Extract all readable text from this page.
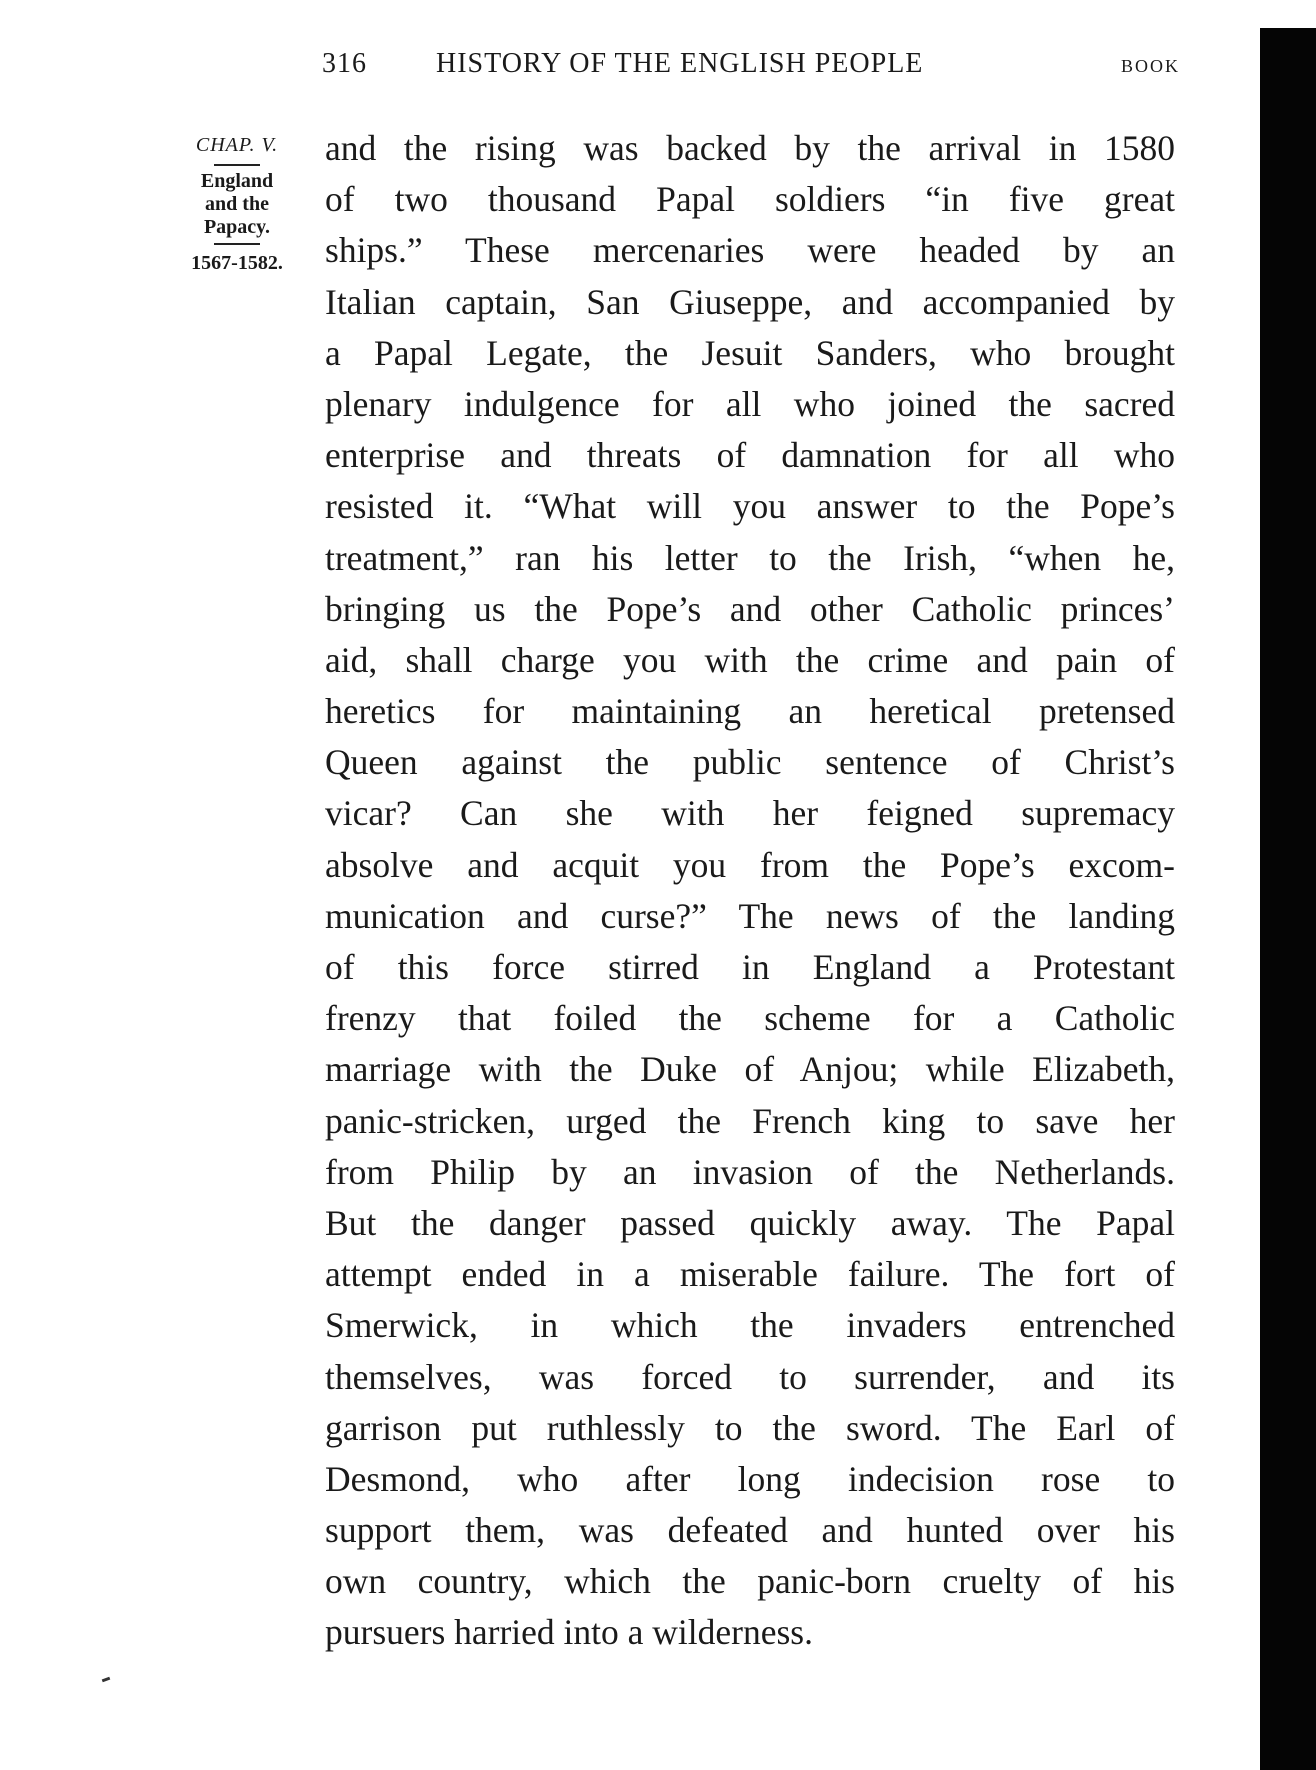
316 HISTORY OF THE ENGLISH PEOPLE	BOOK

CHAP. V.

England

and the

Papacy.

1567-1582.

and the rising was backed by the arrival in 1580
of two thousand Papal soldiers “in five great
ships.” These mercenaries were headed by an
Italian captain, San Giuseppe, and accompanied by
a Papal Legate, the Jesuit Sanders, who brought
plenary indulgence for all who joined the sacred
enterprise and threats of damnation for all who
resisted it. “What will you answer to the Pope’s
treatment,” ran his letter to the Irish, “when he,
bringing us the Pope’s and other Catholic princes’
aid, shall charge you with the crime and pain of
heretics for maintaining an heretical pretensed
Queen against the public sentence of Christ’s
vicar? Can she with her feigned supremacy
absolve and acquit you from the Pope’s excom-
munication and curse?” The news of the landing
of this force stirred in England a Protestant
frenzy that foiled the scheme for a Catholic
marriage with the Duke of Anjou; while Elizabeth,
panic-stricken, urged the French king to save her
from Philip by an invasion of the Netherlands.
But the danger passed quickly away. The Papal
attempt ended in a miserable failure. The fort of
Smerwick, in which the invaders entrenched
themselves, was forced to surrender, and its
garrison put ruthlessly to the sword. The Earl of
Desmond, who after long indecision rose to
support them, was defeated and hunted over his
own country, which the panic-born cruelty of his
pursuers harried into a wilderness.
